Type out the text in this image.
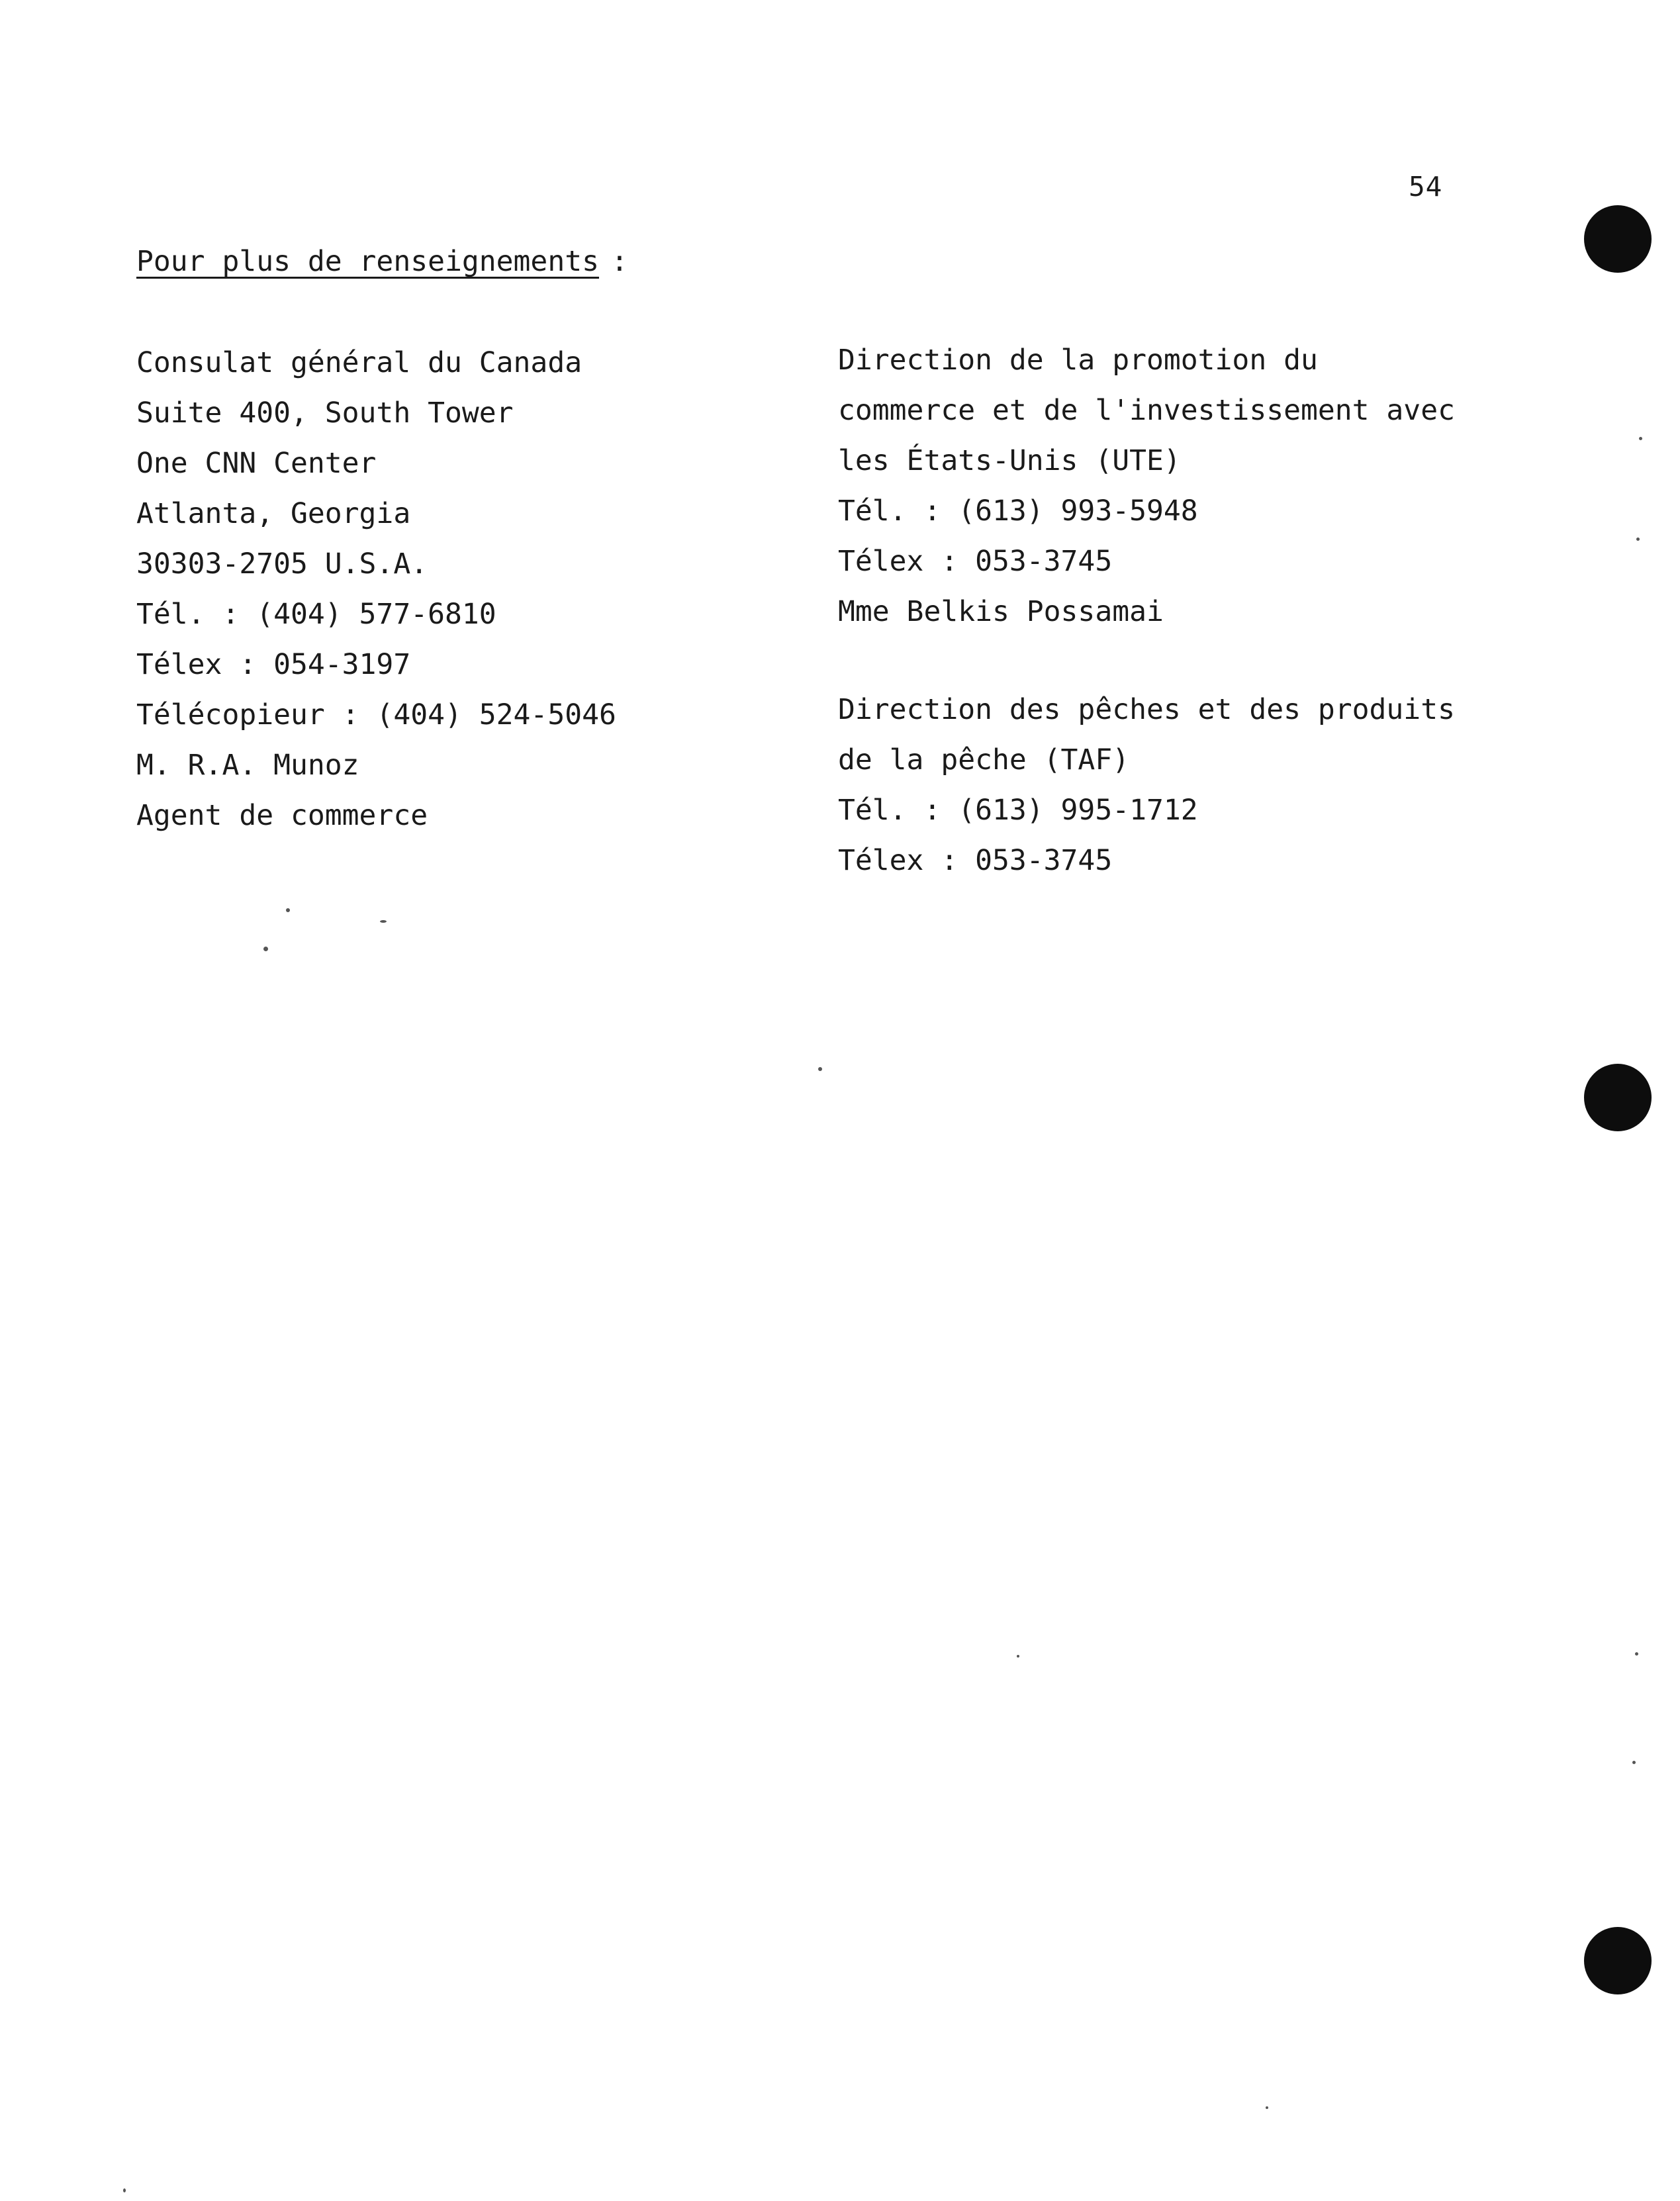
54
Pour plus de renseignements :
Consulat général du Canada
Suite 400, South Tower
One CNN Center
Atlanta, Georgia
30303-2705 U.S.A.
Tél. : (404) 577-6810
Télex : 054-3197
Télécopieur : (404) 524-5046
M. R.A. Munoz
Agent de commerce
Direction de la promotion du
commerce et de l'investissement avec
les États-Unis (UTE)
Tél. : (613) 993-5948
Télex : 053-3745
Mme Belkis Possamai
Direction des pêches et des produits
de la pêche (TAF)
Tél. : (613) 995-1712
Télex : 053-3745
